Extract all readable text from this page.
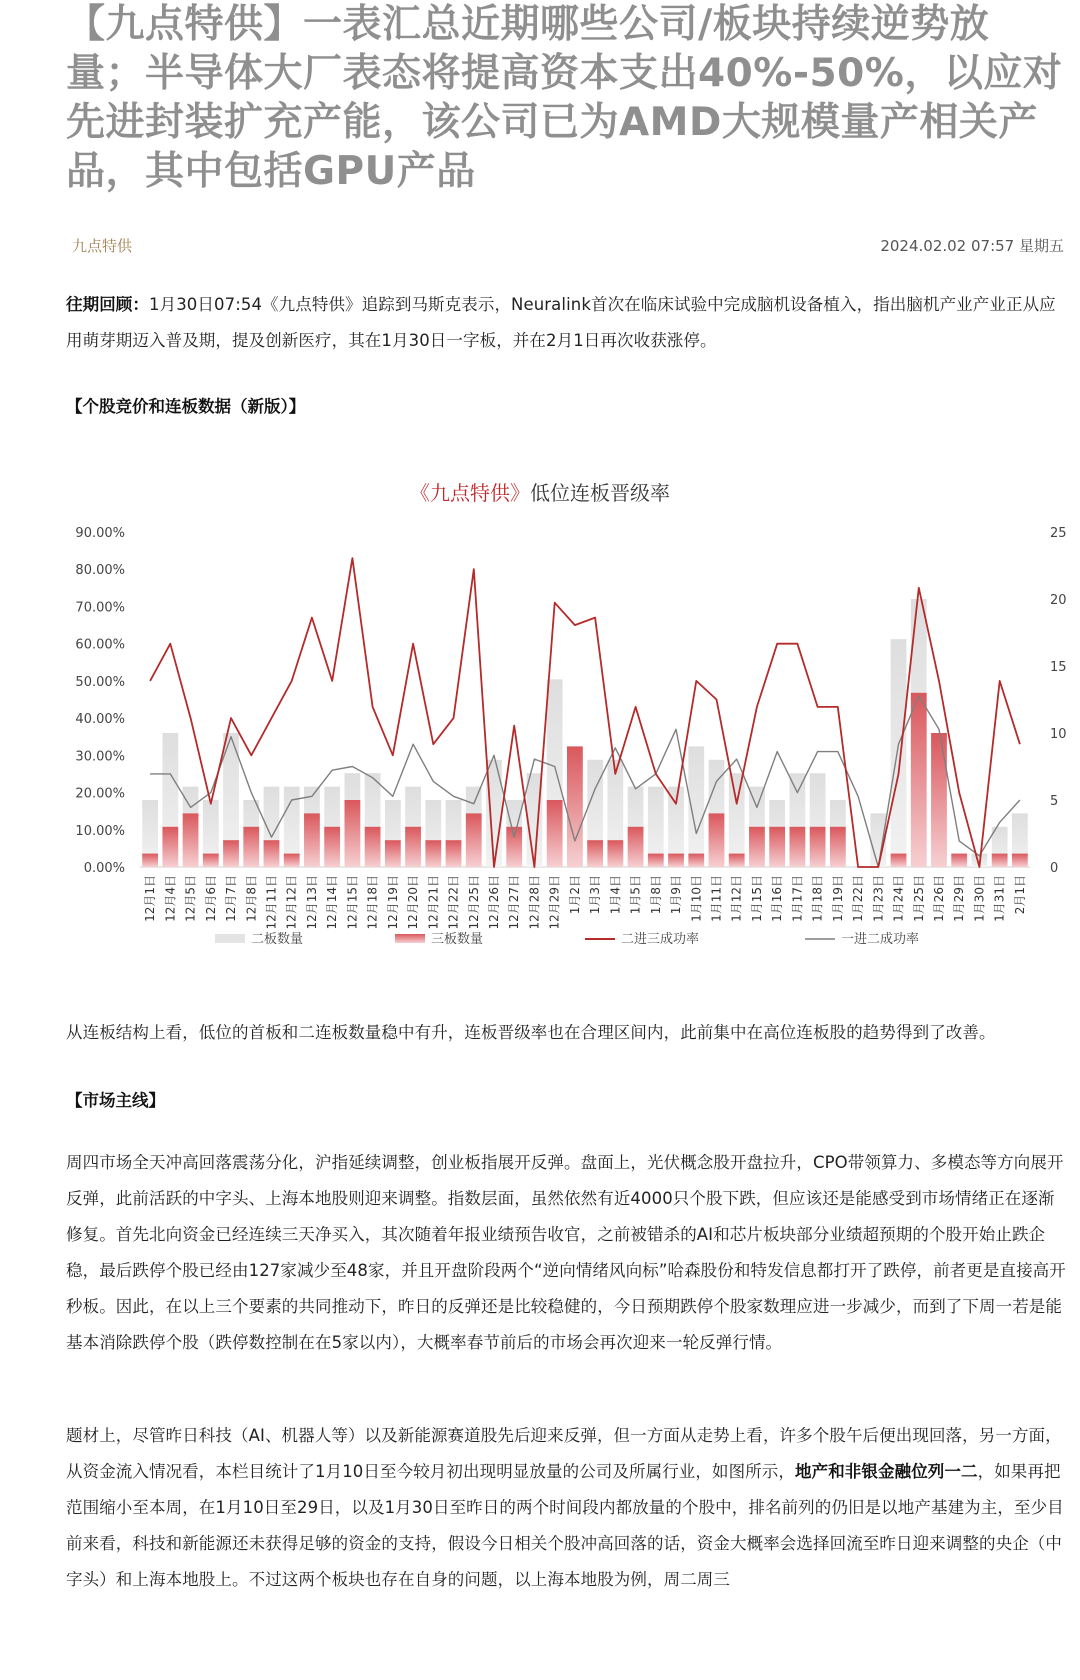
【九点特供】一表汇总近期哪些公司/板块持续逆势放量；半导体大厂表态将提高资本支出40%-50%，以应对先进封装扩充产能，该公司已为AMD大规模量产相关产品，其中包括GPU产品
九点特供	2024.02.02 07:57 星期五

往期回顾：1月30日07:54《九点特供》追踪到马斯克表示，Neuralink首次在临床试验中完成脑机设备植入，指出脑机产业产业正从应用萌芽期迈入普及期，提及创新医疗，其在1月30日一字板，并在2月1日再次收获涨停。

【个股竞价和连板数据（新版）】
《九点特供》低位连板晋级率
0.00%
10.00%
20.00%
30.00%
40.00%
50.00%
60.00%
70.00%
80.00%
90.00%
0
5
10
15
20
25
12月1日 12月4日 12月5日 12月6日 12月7日 12月8日 12月11日 12月12日 12月13日 12月14日 12月15日 12月18日 12月19日 12月20日 12月21日 12月22日 12月25日 12月26日 12月27日 12月28日 12月29日 1月2日 1月3日 1月4日 1月5日 1月8日 1月9日 1月10日 1月11日 1月12日 1月15日 1月16日 1月17日 1月18日 1月19日 1月22日 1月23日 1月24日 1月25日 1月26日 1月29日 1月30日 1月31日 2月1日
二板数量	三板数量	二进三成功率	一进二成功率

从连板结构上看，低位的首板和二连板数量稳中有升，连板晋级率也在合理区间内，此前集中在高位连板股的趋势得到了改善。

【市场主线】

周四市场全天冲高回落震荡分化，沪指延续调整，创业板指展开反弹。盘面上，光伏概念股开盘拉升，CPO带领算力、多模态等方向展开反弹，此前活跃的中字头、上海本地股则迎来调整。指数层面，虽然依然有近4000只个股下跌，但应该还是能感受到市场情绪正在逐渐修复。首先北向资金已经连续三天净买入，其次随着年报业绩预告收官，之前被错杀的AI和芯片板块部分业绩超预期的个股开始止跌企稳，最后跌停个股已经由127家减少至48家，并且开盘阶段两个“逆向情绪风向标”哈森股份和特发信息都打开了跌停，前者更是直接高开秒板。因此，在以上三个要素的共同推动下，昨日的反弹还是比较稳健的，今日预期跌停个股家数理应进一步减少，而到了下周一若是能基本消除跌停个股（跌停数控制在在5家以内），大概率春节前后的市场会再次迎来一轮反弹行情。

题材上，尽管昨日科技（AI、机器人等）以及新能源赛道股先后迎来反弹，但一方面从走势上看，许多个股午后便出现回落，另一方面，从资金流入情况看，本栏目统计了1月10日至今较月初出现明显放量的公司及所属行业，如图所示，地产和非银金融位列一二，如果再把范围缩小至本周，在1月10日至29日，以及1月30日至昨日的两个时间段内都放量的个股中，排名前列的仍旧是以地产基建为主，至少目前来看，科技和新能源还未获得足够的资金的支持，假设今日相关个股冲高回落的话，资金大概率会选择回流至昨日迎来调整的央企（中字头）和上海本地股上。不过这两个板块也存在自身的问题，以上海本地股为例，周二周三
